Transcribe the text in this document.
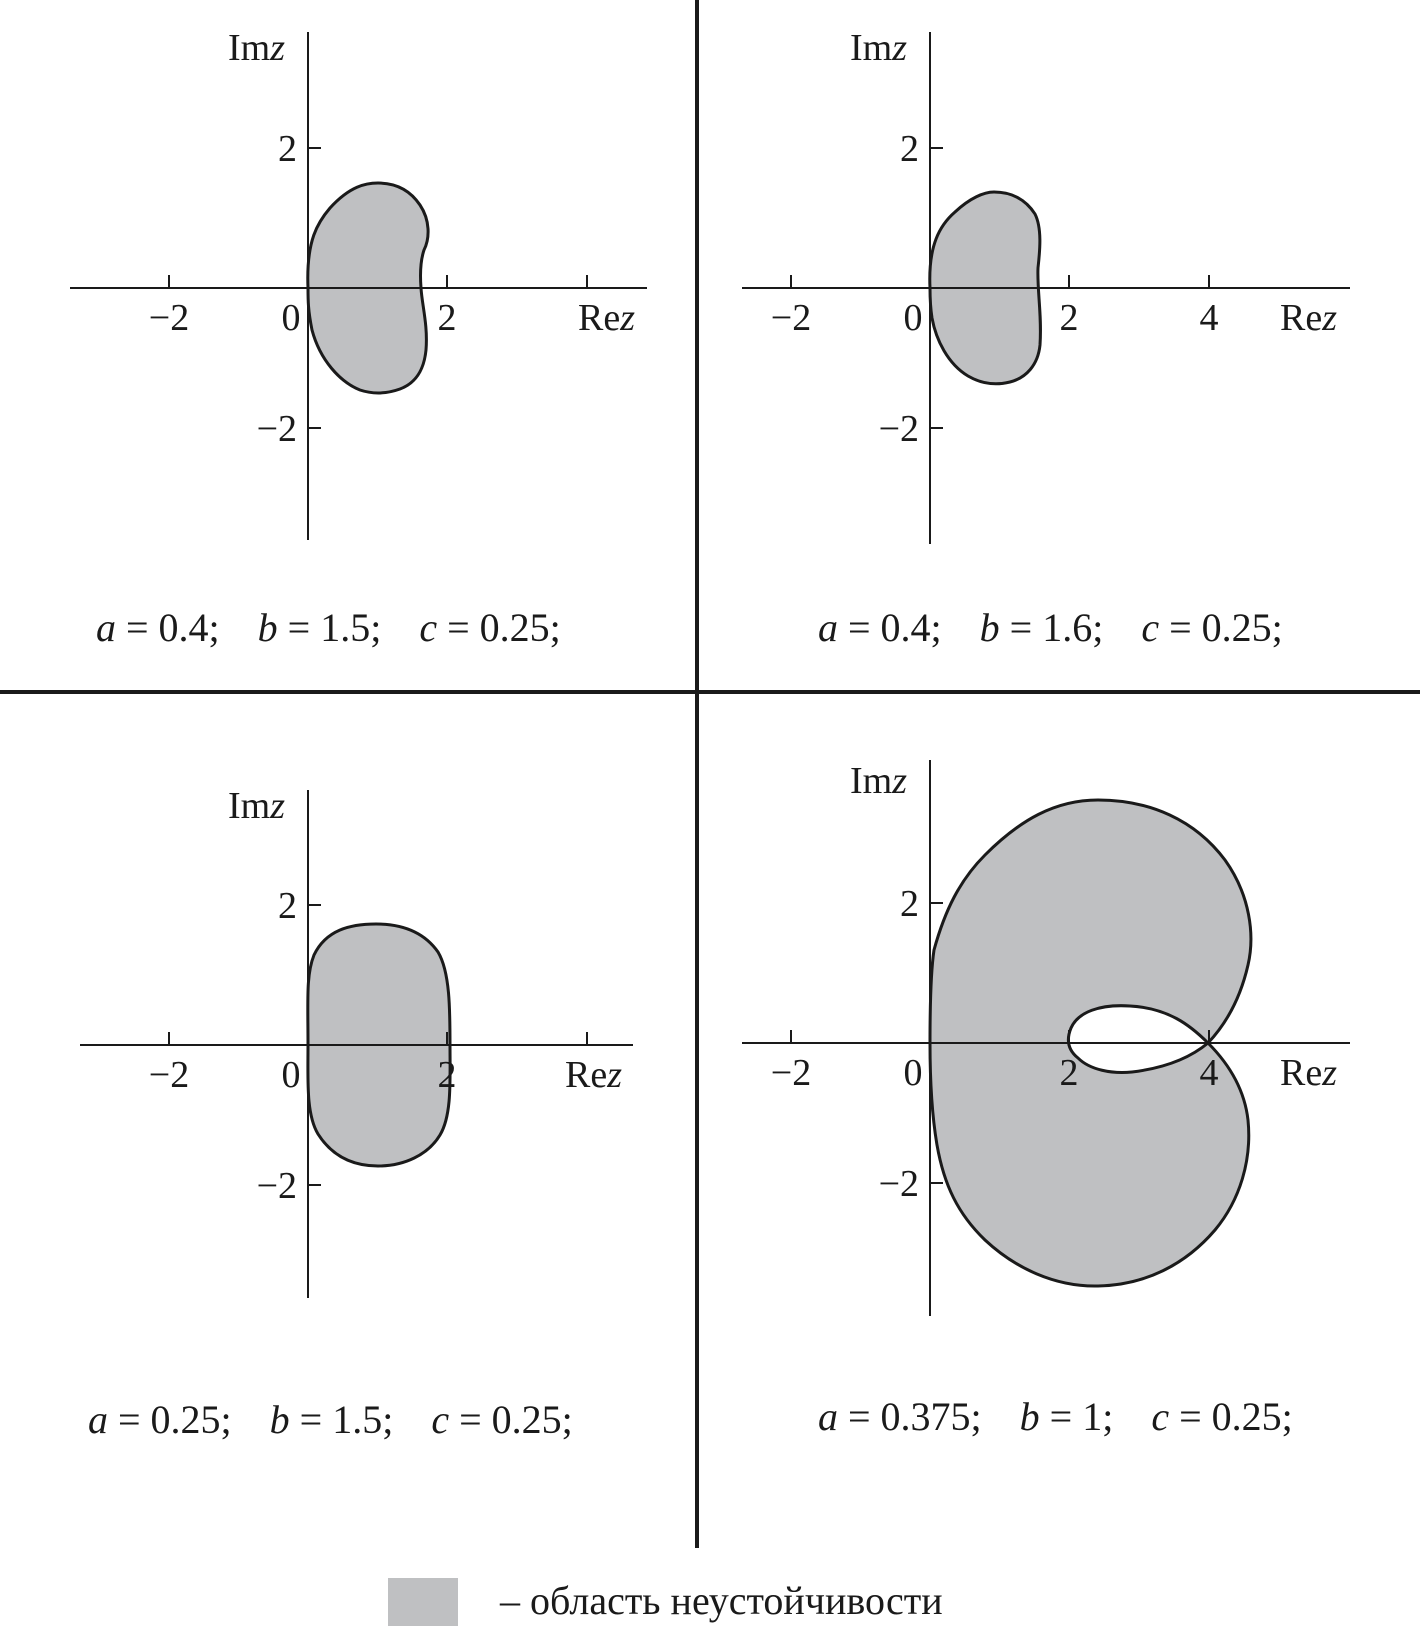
−2 0	2
2
−2
Imz
Rez
a = 0.4; b = 1.5; c = 0.25;
−2 0	2	4
2
−2
Imz
Rez
a = 0.4; b = 1.6; c = 0.25;
−2 0	2
2
−2
Imz
Rez
a = 0.25; b = 1.5; c = 0.25;
−2 0	2	4
2
−2
Imz
Rez
a = 0.375; b = 1; c = 0.25;
– область неустойчивости
